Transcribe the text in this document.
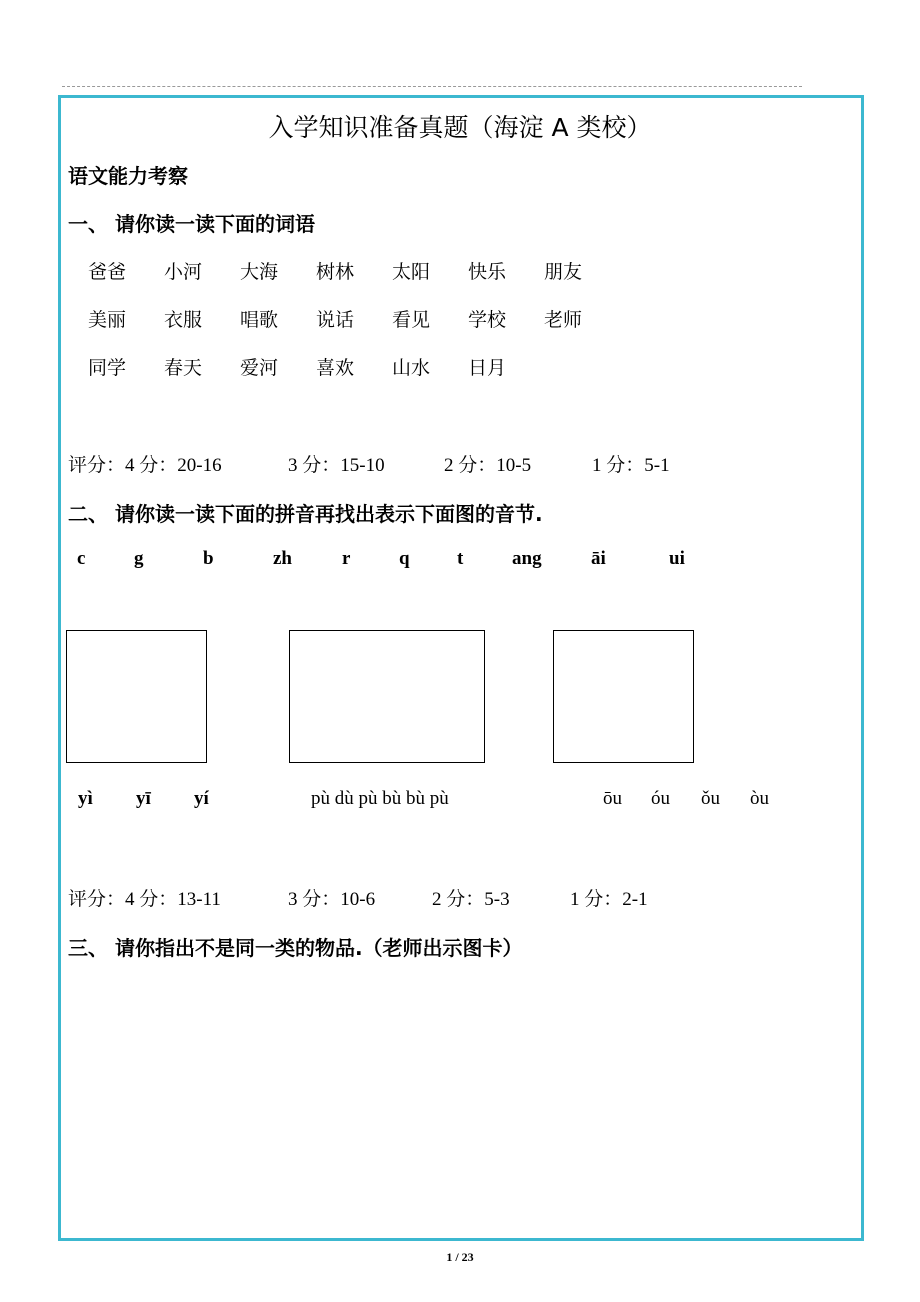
入学知识准备真题（海淀 A 类校）
语文能力考察
一、 请你读一读下面的词语
二、 请你读一读下面的拼音再找出表示下面图的音节.
三、 请你指出不是同一类的物品.（老师出示图卡）
1 / 23
爸爸 小河 大海 树林 太阳 快乐 朋友
美丽 衣服 唱歌 说话 看见 学校 老师
同学 春天 爱河 喜欢 山水 日月
评分：4 分：20-16	3 分：15-10	2 分：10-5	1 分：5-1
c	g	b	zh	r	q t	ang	āi	ui
yì yī yí	pù dù pù bù bù pù	ōu óu ǒu òu
评分：4 分：13-11	3 分：10-6	2 分：5-3	1 分：2-1
